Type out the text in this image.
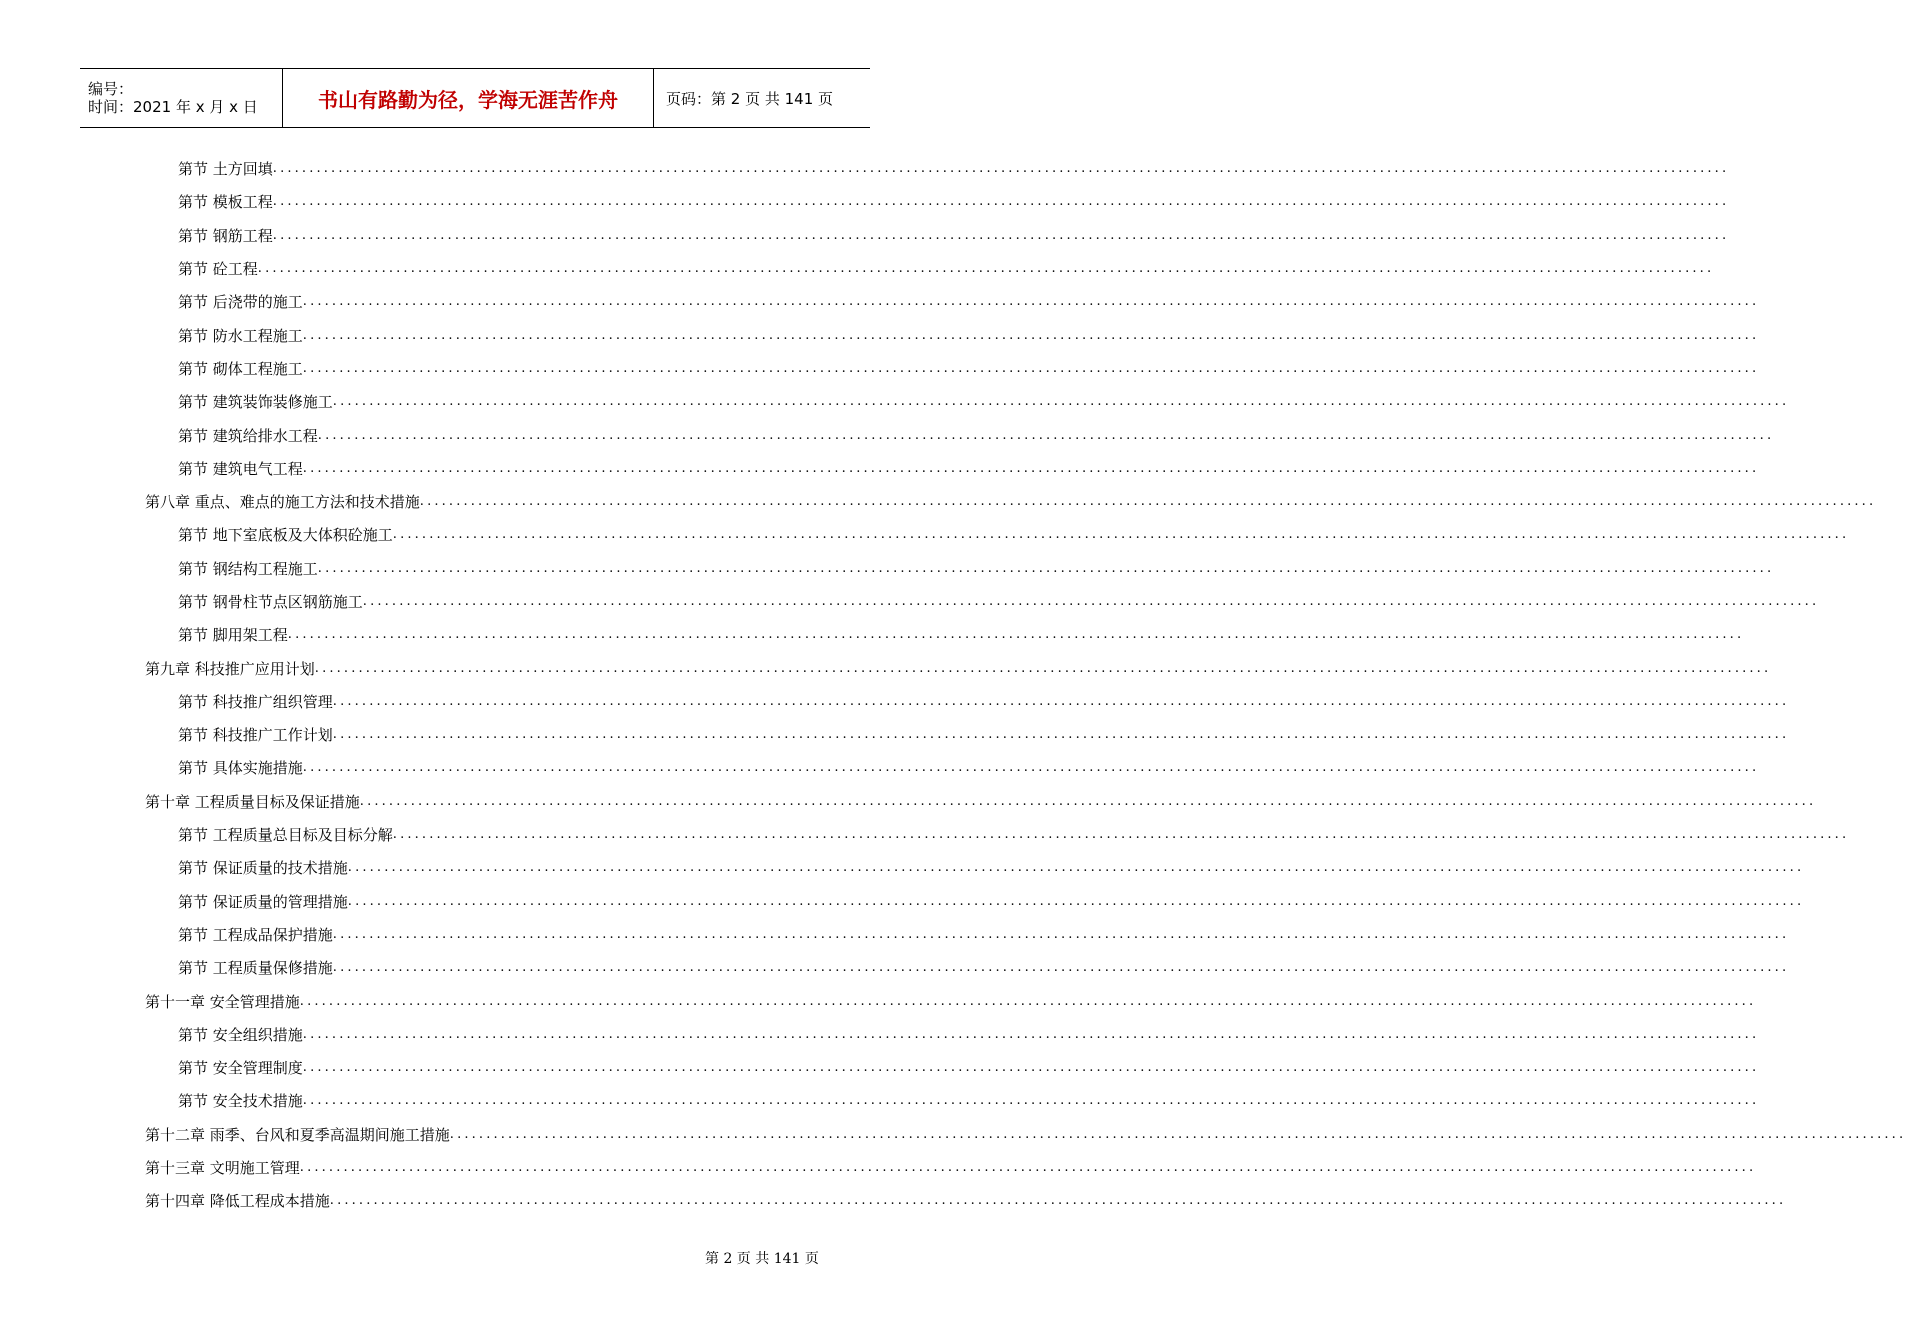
编号：
时间：2021 年 x 月 x 日	书山有路勤为径，学海无涯苦作舟	页码：第 2 页 共 141 页
第节 土方回填 ........................................................................................................................................................................................................
第节 模板工程 ........................................................................................................................................................................................................
第节 钢筋工程 ........................................................................................................................................................................................................
第节 砼工程 ........................................................................................................................................................................................................
第节 后浇带的施工 ........................................................................................................................................................................................................
第节 防水工程施工 ........................................................................................................................................................................................................
第节 砌体工程施工 ........................................................................................................................................................................................................
第节 建筑装饰装修施工 ........................................................................................................................................................................................................
第节 建筑给排水工程 ........................................................................................................................................................................................................
第节 建筑电气工程 ........................................................................................................................................................................................................
第八章 重点、难点的施工方法和技术措施 ........................................................................................................................................................................................................
第节 地下室底板及大体积砼施工 ........................................................................................................................................................................................................
第节 钢结构工程施工 ........................................................................................................................................................................................................
第节 钢骨柱节点区钢筋施工 ........................................................................................................................................................................................................
第节 脚用架工程 ........................................................................................................................................................................................................
第九章 科技推广应用计划 ........................................................................................................................................................................................................
第节 科技推广组织管理 ........................................................................................................................................................................................................
第节 科技推广工作计划 ........................................................................................................................................................................................................
第节 具体实施措施 ........................................................................................................................................................................................................
第十章 工程质量目标及保证措施 ........................................................................................................................................................................................................
第节 工程质量总目标及目标分解 ........................................................................................................................................................................................................
第节 保证质量的技术措施 ........................................................................................................................................................................................................
第节 保证质量的管理措施 ........................................................................................................................................................................................................
第节 工程成品保护措施 ........................................................................................................................................................................................................
第节 工程质量保修措施 ........................................................................................................................................................................................................
第十一章 安全管理措施 ........................................................................................................................................................................................................
第节 安全组织措施 ........................................................................................................................................................................................................
第节 安全管理制度 ........................................................................................................................................................................................................
第节 安全技术措施 ........................................................................................................................................................................................................
第十二章 雨季、台风和夏季高温期间施工措施 ........................................................................................................................................................................................................
第十三章 文明施工管理 ........................................................................................................................................................................................................
第十四章 降低工程成本措施 ........................................................................................................................................................................................................
第 2 页 共 141 页
